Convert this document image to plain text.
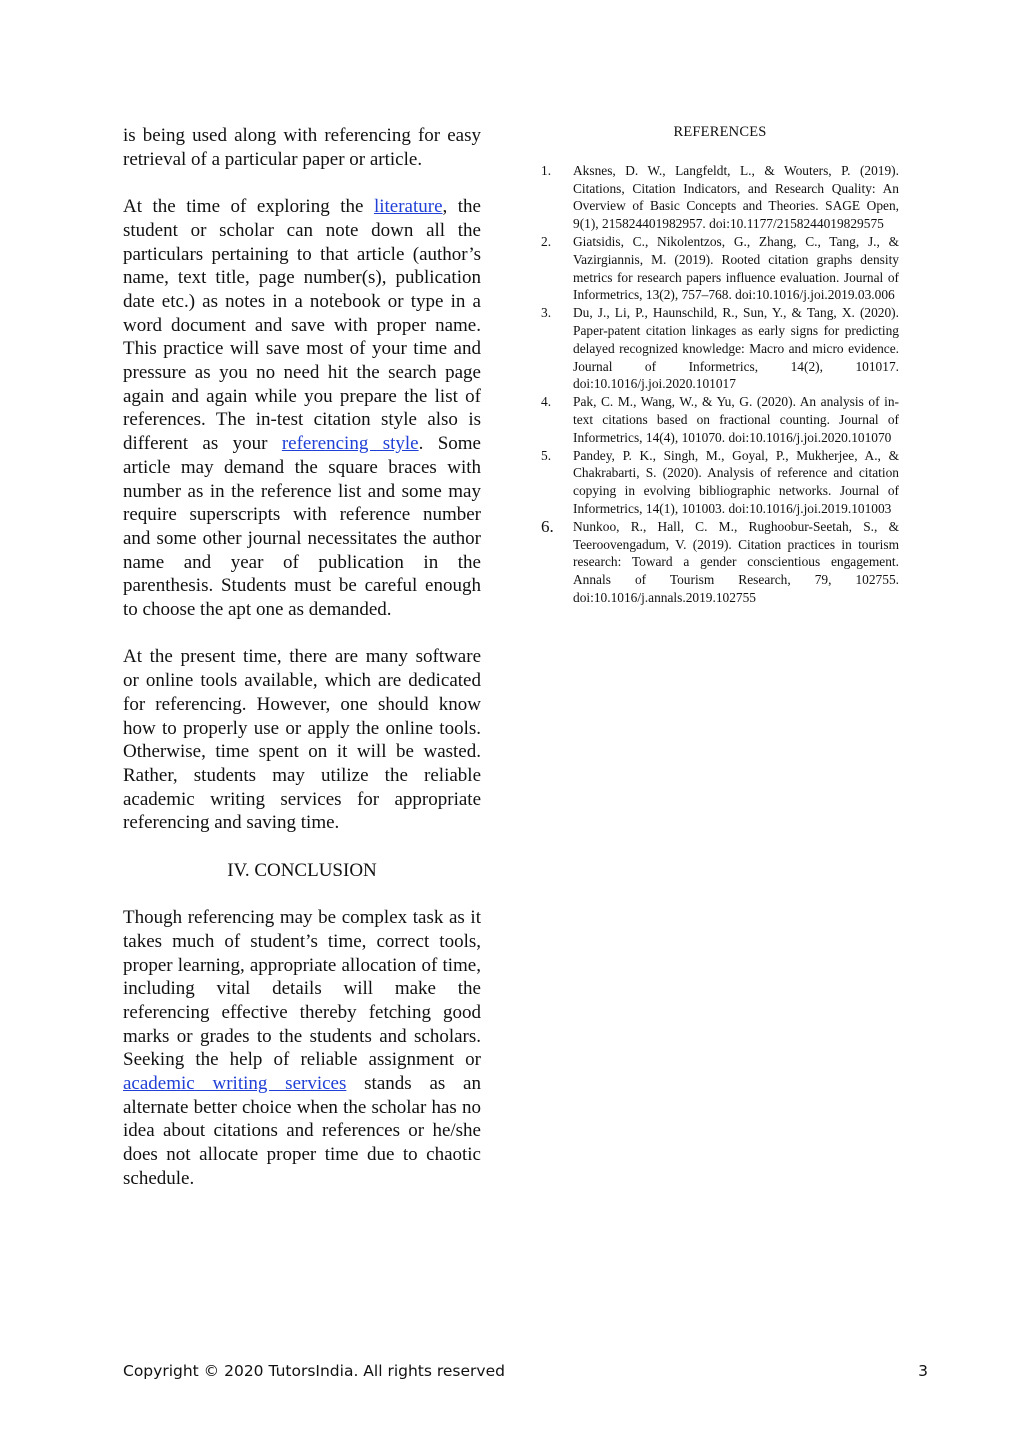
is being used along with referencing for easy retrieval of a particular paper or article.

At the time of exploring the literature, the student or scholar can note down all the particulars pertaining to that article (author’s name, text title, page number(s), publication date etc.) as notes in a notebook or type in a word document and save with proper name. This practice will save most of your time and pressure as you no need hit the search page again and again while you prepare the list of references. The in-test citation style also is different as your referencing style. Some article may demand the square braces with number as in the reference list and some may require superscripts with reference number and some other journal necessitates the author name and year of publication in the parenthesis. Students must be careful enough to choose the apt one as demanded.

At the present time, there are many software or online tools available, which are dedicated for referencing. However, one should know how to properly use or apply the online tools. Otherwise, time spent on it will be wasted. Rather, students may utilize the reliable academic writing services for appropriate referencing and saving time.

IV. CONCLUSION

Though referencing may be complex task as it takes much of student’s time, correct tools, proper learning, appropriate allocation of time, including vital details will make the referencing effective thereby fetching good marks or grades to the students and scholars. Seeking the help of reliable assignment or academic writing services stands as an alternate better choice when the scholar has no idea about citations and references or he/she does not allocate proper time due to chaotic schedule.

REFERENCES
1.	Aksnes, D. W., Langfeldt, L., & Wouters, P. (2019). Citations, Citation Indicators, and Research Quality: An Overview of Basic Concepts and Theories. SAGE Open, 9(1), 215824401982957. doi:10.1177/2158244019829575
2.	Giatsidis, C., Nikolentzos, G., Zhang, C., Tang, J., & Vazirgiannis, M. (2019). Rooted citation graphs density metrics for research papers influence evaluation. Journal of Informetrics, 13(2), 757–768. doi:10.1016/j.joi.2019.03.006
3.	Du, J., Li, P., Haunschild, R., Sun, Y., & Tang, X. (2020). Paper-patent citation linkages as early signs for predicting delayed recognized knowledge: Macro and micro evidence. Journal of Informetrics, 14(2), 101017. doi:10.1016/j.joi.2020.101017
4.	Pak, C. M., Wang, W., & Yu, G. (2020). An analysis of in-text citations based on fractional counting. Journal of Informetrics, 14(4), 101070. doi:10.1016/j.joi.2020.101070
5.	Pandey, P. K., Singh, M., Goyal, P., Mukherjee, A., & Chakrabarti, S. (2020). Analysis of reference and citation copying in evolving bibliographic networks. Journal of Informetrics, 14(1), 101003. doi:10.1016/j.joi.2019.101003
6.	Nunkoo, R., Hall, C. M., Rughoobur-Seetah, S., & Teeroovengadum, V. (2019). Citation practices in tourism research: Toward a gender conscientious engagement. Annals of Tourism Research, 79, 102755. doi:10.1016/j.annals.2019.102755
Copyright © 2020 TutorsIndia. All rights reserved	3
